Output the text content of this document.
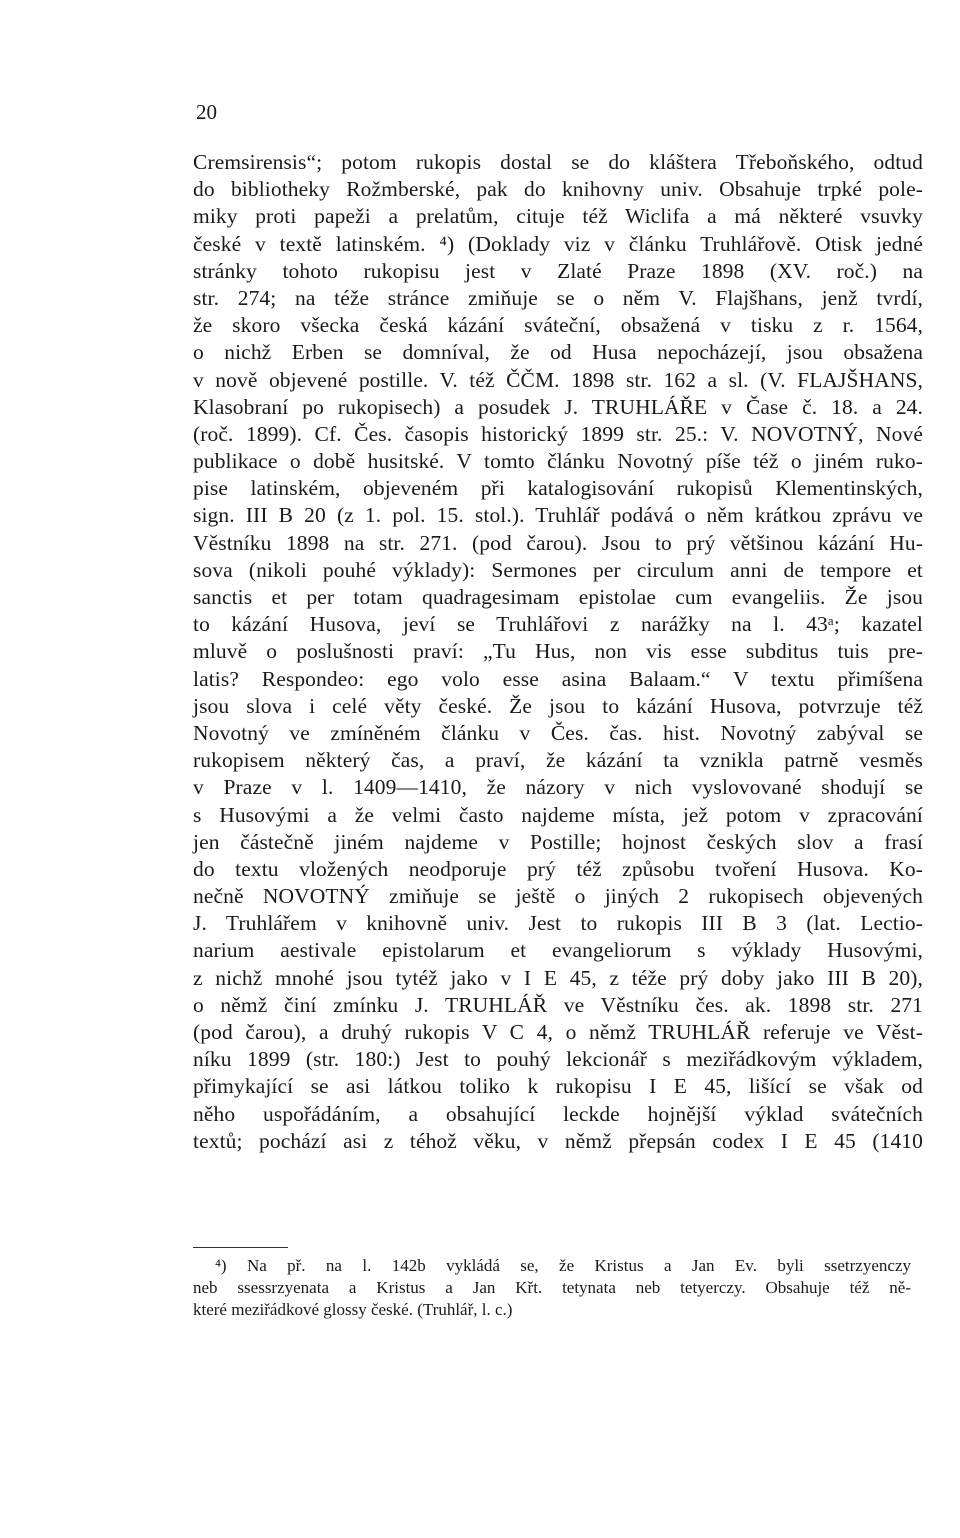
20
Cremsirensis“; potom rukopis dostal se do kláštera Třeboňského, odtud
do bibliotheky Rožmberské, pak do knihovny univ. Obsahuje trpké pole-
miky proti papeži a prelatům, cituje též Wiclifa a má některé vsuvky
české v textě latinském. ⁴) (Doklady viz v článku Truhlářově. Otisk jedné
stránky tohoto rukopisu jest v Zlaté Praze 1898 (XV. roč.) na
str. 274; na téže stránce zmiňuje se o něm V. Flajšhans, jenž tvrdí,
že skoro všecka česká kázání sváteční, obsažená v tisku z r. 1564,
o nichž Erben se domníval, že od Husa nepocházejí, jsou obsažena
v nově objevené postille. V. též ČČM. 1898 str. 162 a sl. (V. FLAJŠHANS,
Klasobraní po rukopisech) a posudek J. TRUHLÁŘE v Čase č. 18. a 24.
(roč. 1899). Cf. Čes. časopis historický 1899 str. 25.: V. NOVOTNÝ, Nové
publikace o době husitské. V tomto článku Novotný píše též o jiném ruko-
pise latinském, objeveném při katalogisování rukopisů Klementinských,
sign. III B 20 (z 1. pol. 15. stol.). Truhlář podává o něm krátkou zprávu ve
Věstníku 1898 na str. 271. (pod čarou). Jsou to prý většinou kázání Hu-
sova (nikoli pouhé výklady): Sermones per circulum anni de tempore et
sanctis et per totam quadragesimam epistolae cum evangeliis. Že jsou
to kázání Husova, jeví se Truhlářovi z narážky na l. 43ᵃ; kazatel
mluvě o poslušnosti praví: „Tu Hus, non vis esse subditus tuis pre-
latis? Respondeo: ego volo esse asina Balaam.“ V textu přimíšena
jsou slova i celé věty české. Že jsou to kázání Husova, potvrzuje též
Novotný ve zmíněném článku v Čes. čas. hist. Novotný zabýval se
rukopisem některý čas, a praví, že kázání ta vznikla patrně vesměs
v Praze v l. 1409—1410, že názory v nich vyslovované shodují se
s Husovými a že velmi často najdeme místa, jež potom v zpracování
jen částečně jiném najdeme v Postille; hojnost českých slov a frasí
do textu vložených neodporuje prý též způsobu tvoření Husova. Ko-
nečně NOVOTNÝ zmiňuje se ještě o jiných 2 rukopisech objevených
J. Truhlářem v knihovně univ. Jest to rukopis III B 3 (lat. Lectio-
narium aestivale epistolarum et evangeliorum s výklady Husovými,
z nichž mnohé jsou tytéž jako v I E 45, z téže prý doby jako III B 20),
o němž činí zmínku J. TRUHLÁŘ ve Věstníku čes. ak. 1898 str. 271
(pod čarou), a druhý rukopis V C 4, o němž TRUHLÁŘ referuje ve Věst-
níku 1899 (str. 180:) Jest to pouhý lekcionář s meziřádkovým výkladem,
přimykající se asi látkou toliko k rukopisu I E 45, lišící se však od
něho uspořádáním, a obsahující leckde hojnější výklad svátečních
textů; pochází asi z téhož věku, v němž přepsán codex I E 45 (1410
⁴) Na př. na l. 142b vykládá se, že Kristus a Jan Ev. byli ssetrzyenczy
neb ssessrzyenata a Kristus a Jan Křt. tetynata neb tetyerczy. Obsahuje též ně-
které meziřádkové glossy české. (Truhlář, l. c.)
